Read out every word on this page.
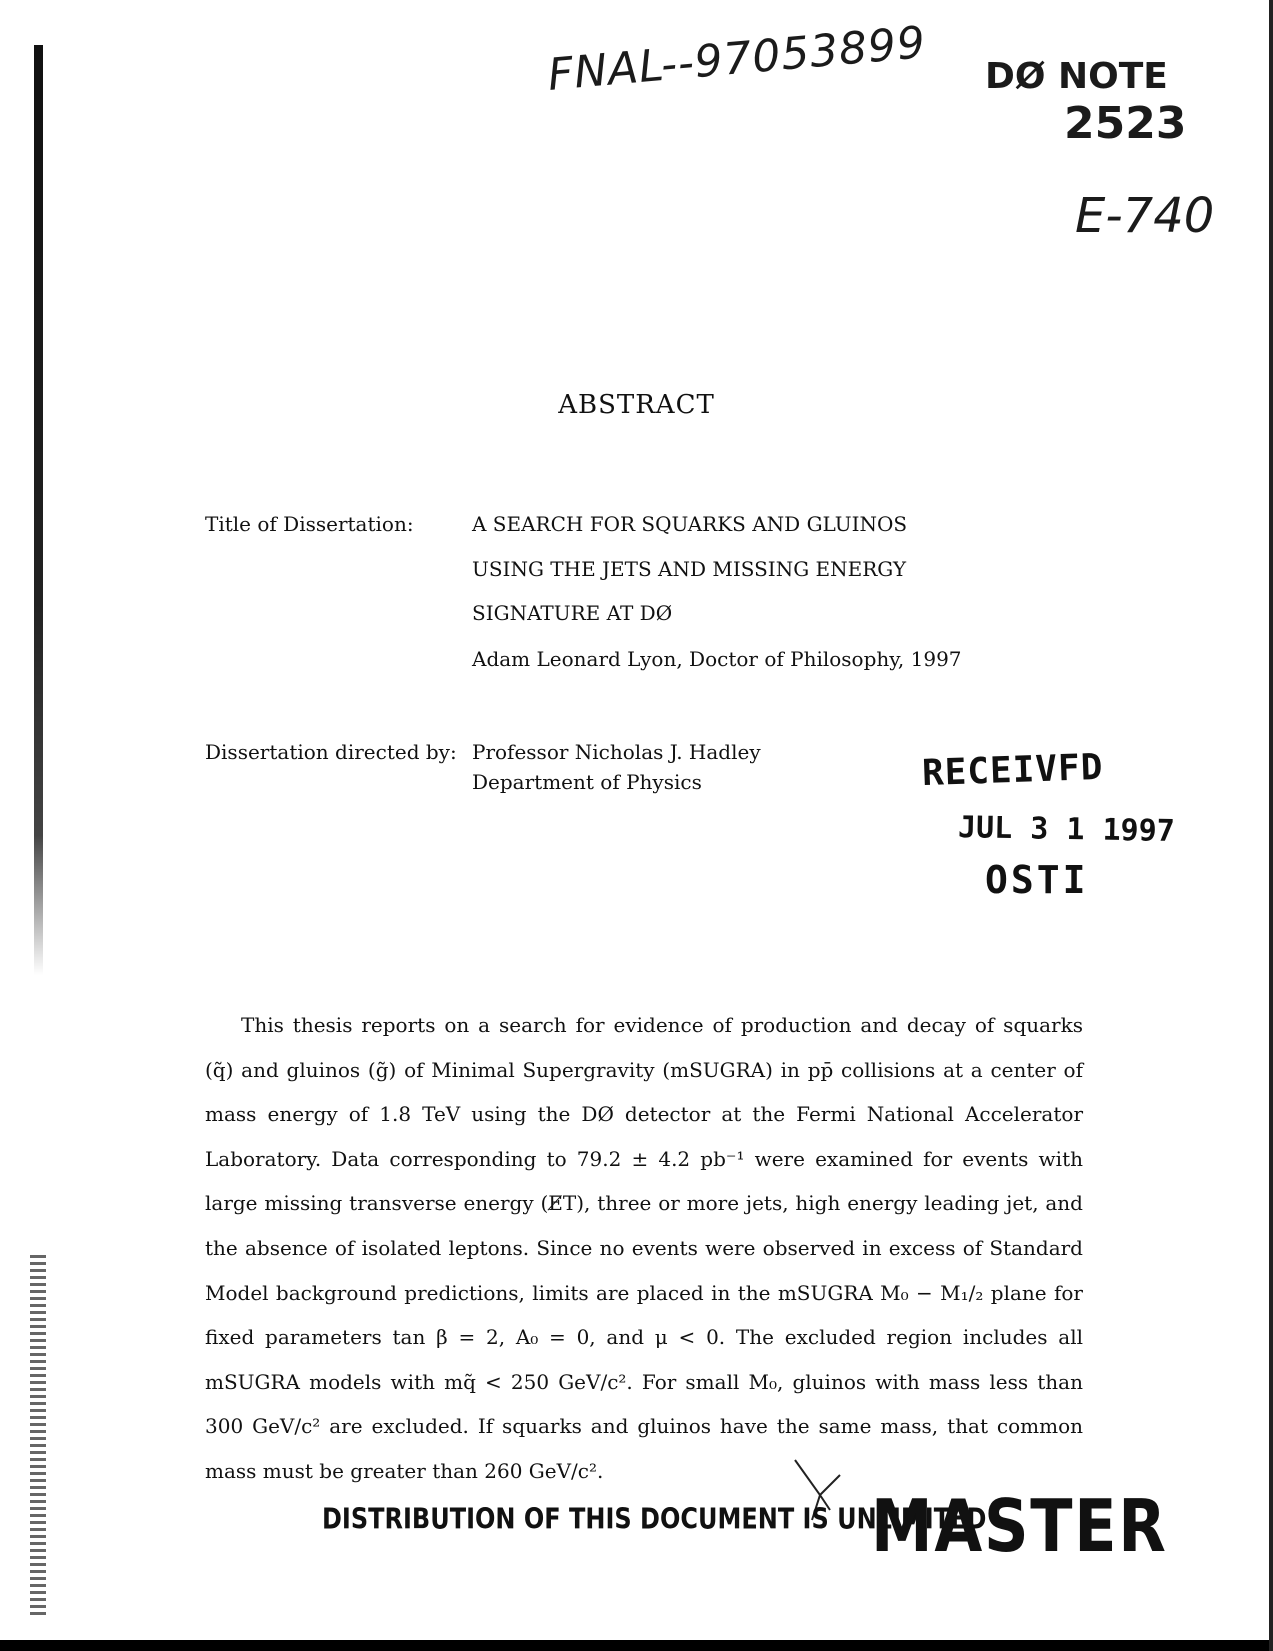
FNAL--97053899 DØ NOTE
2523
E-740
ABSTRACT
Title of Dissertation:	A SEARCH FOR SQUARKS AND GLUINOS
USING THE JETS AND MISSING ENERGY
SIGNATURE AT DØ
Adam Leonard Lyon, Doctor of Philosophy, 1997
Dissertation directed by: Professor Nicholas J. Hadley
Department of Physics	RECEIVFD
JUL 3 1 1997
OSTI
This thesis reports on a search for evidence of production and decay of squarks (q̃) and gluinos (g̃) of Minimal Supergravity (mSUGRA) in pp̄ collisions at a center of mass energy of 1.8 TeV using the DØ detector at the Fermi National Accelerator Laboratory. Data corresponding to 79.2 ± 4.2 pb⁻¹ were examined for events with large missing transverse energy (E̸T), three or more jets, high energy leading jet, and the absence of isolated leptons. Since no events were observed in excess of Standard Model background predictions, limits are placed in the mSUGRA M₀ − M₁/₂ plane for fixed parameters tan β = 2, A₀ = 0, and μ < 0. The excluded region includes all mSUGRA models with mq̃ < 250 GeV/c². For small M₀, gluinos with mass less than 300 GeV/c² are excluded. If squarks and gluinos have the same mass, that common mass must be greater than 260 GeV/c².
DISTRIBUTION OF THIS DOCUMENT IS UNLIMITED
MASTER
